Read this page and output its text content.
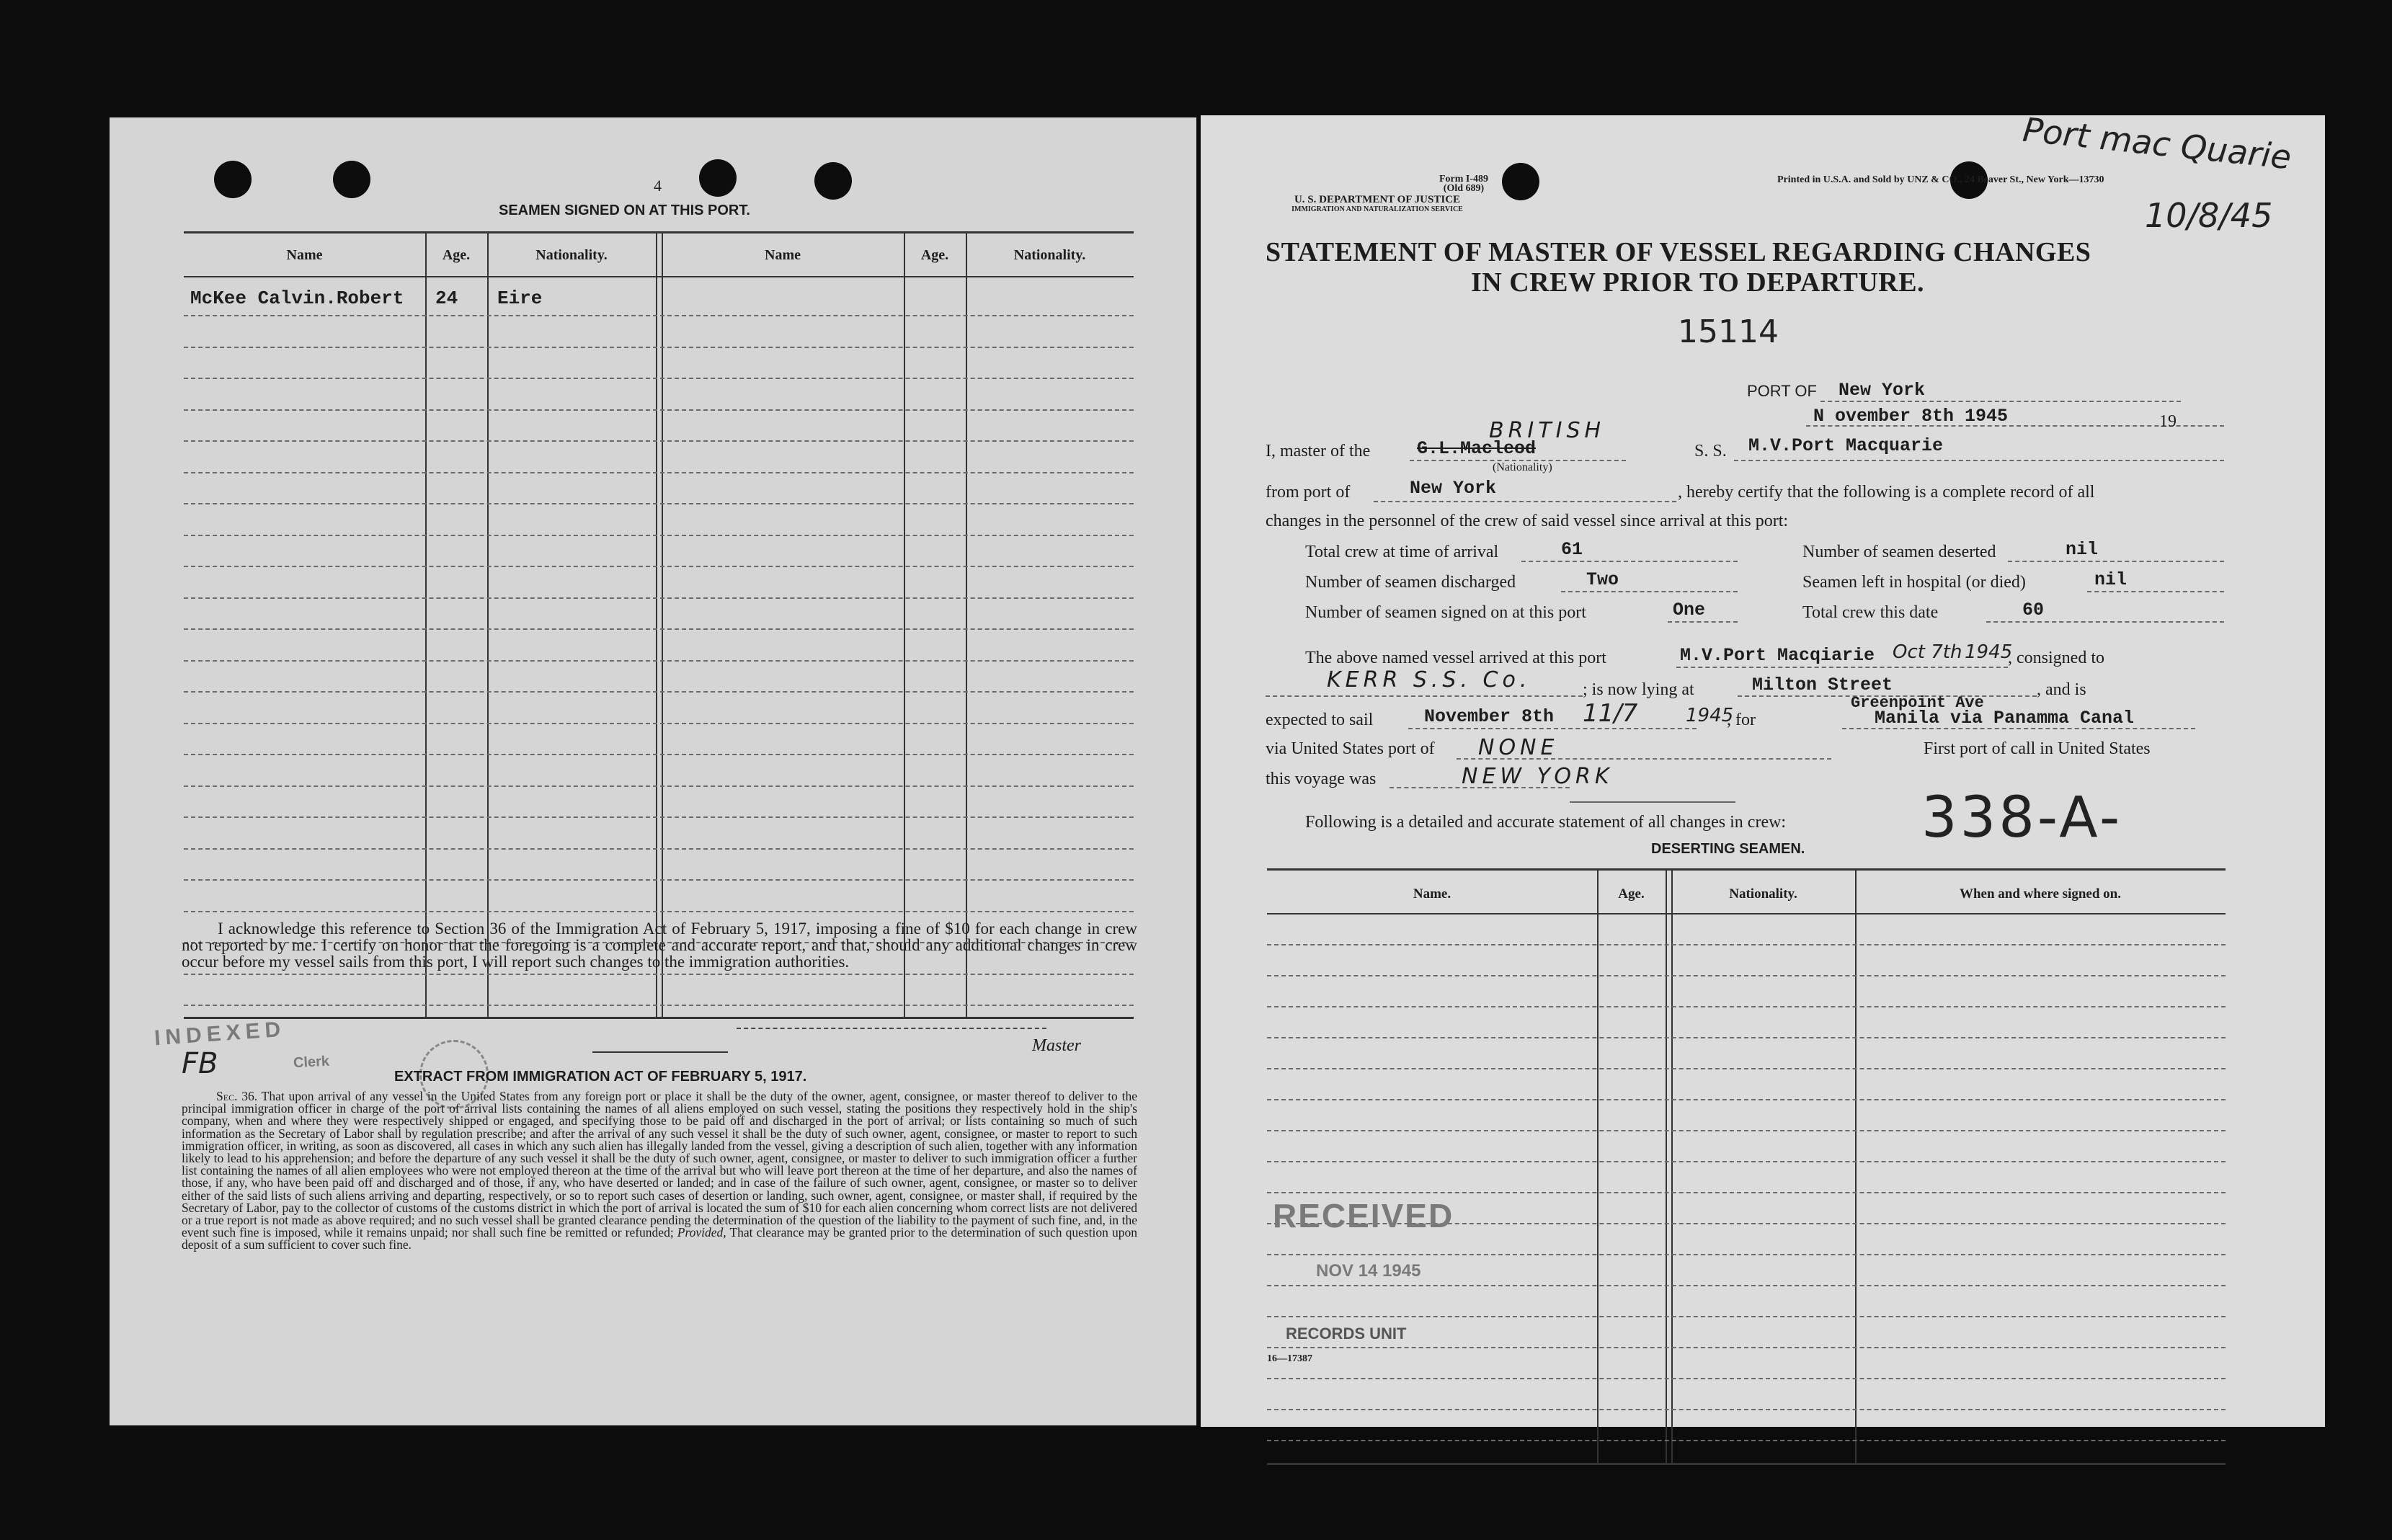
4
SEAMEN SIGNED ON AT THIS PORT.
Name	Age.	Nationality.	Name	Age.	Nationality.
McKee Calvin.Robert 24 Eire
I acknowledge this reference to Section 36 of the Immigration Act of February 5, 1917, imposing a fine of $10 for each change in crew not reported by me. I certify on honor that the foregoing is a complete and accurate report, and that, should any additional changes in crew occur before my vessel sails from this port, I will report such changes to the immigration authorities.
Master
INDEXED
Clerk
FB	EXTRACT FROM IMMIGRATION ACT OF FEBRUARY 5, 1917.
Sec. 36. That upon arrival of any vessel in the United States from any foreign port or place it shall be the duty of the owner, agent, consignee, or master thereof to deliver to the principal immigration officer in charge of the port of arrival lists containing the names of all aliens employed on such vessel, stating the positions they respectively hold in the ship's company, when and where they were respectively shipped or engaged, and specifying those to be paid off and discharged in the port of arrival; or lists containing so much of such information as the Secretary of Labor shall by regulation prescribe; and after the arrival of any such vessel it shall be the duty of such owner, agent, consignee, or master to report to such immigration officer, in writing, as soon as discovered, all cases in which any such alien has illegally landed from the vessel, giving a description of such alien, together with any information likely to lead to his apprehension; and before the departure of any such vessel it shall be the duty of such owner, agent, consignee, or master to deliver to such immigration officer a further list containing the names of all alien employees who were not employed thereon at the time of the arrival but who will leave port thereon at the time of her departure, and also the names of those, if any, who have been paid off and discharged and of those, if any, who have deserted or landed; and in case of the failure of such owner, agent, consignee, or master so to deliver either of the said lists of such aliens arriving and departing, respectively, or so to report such cases of desertion or landing, such owner, agent, consignee, or master shall, if required by the Secretary of Labor, pay to the collector of customs of the customs district in which the port of arrival is located the sum of $10 for each alien concerning whom correct lists are not delivered or a true report is not made as above required; and no such vessel shall be granted clearance pending the determination of the question of the liability to the payment of such fine, and, in the event such fine is imposed, while it remains unpaid; nor shall such fine be remitted or refunded; Provided, That clearance may be granted prior to the determination of such question upon deposit of a sum sufficient to cover such fine.
Form I-489
(Old 689)
U. S. DEPARTMENT OF JUSTICE
IMMIGRATION AND NATURALIZATION SERVICE
Printed in U.S.A. and Sold by UNZ & CO., 24 Beaver St., New York—13730
Port mac Quarie
10/8/45
STATEMENT OF MASTER OF VESSEL REGARDING CHANGES
IN CREW PRIOR TO DEPARTURE.
15114
PORT OF New York
N ovember 8th 1945	19
I, master of the
BRITISH
G.L.Macleod
(Nationality)
S. S. M.V.Port Macquarie
from port of	New York	, hereby certify that the following is a complete record of all
changes in the personnel of the crew of said vessel since arrival at this port:
Total crew at time of arrival	61	Number of seamen deserted	nil
Number of seamen discharged	Two	Seamen left in hospital (or died)	nil
Number of seamen signed on at this port	One	Total crew this date	60
The above named vessel arrived at this port	M.V.Port Macqiarie Oct 7th 1945
, consigned to
KERR S.S. Co.	; is now lying at	Milton Street	, and is
expected to sail	November 8th 11/7	1945
, for
Greenpoint Ave
Manila via Panamma Canal
via United States port of NONE	First port of call in United States
this voyage was	NEW YORK
Following is a detailed and accurate statement of all changes in crew: 338-A-
DESERTING SEAMEN.
Name.	Age.	Nationality.	When and where signed on.
RECEIVED
NOV 14 1945
RECORDS UNIT
16—17387
